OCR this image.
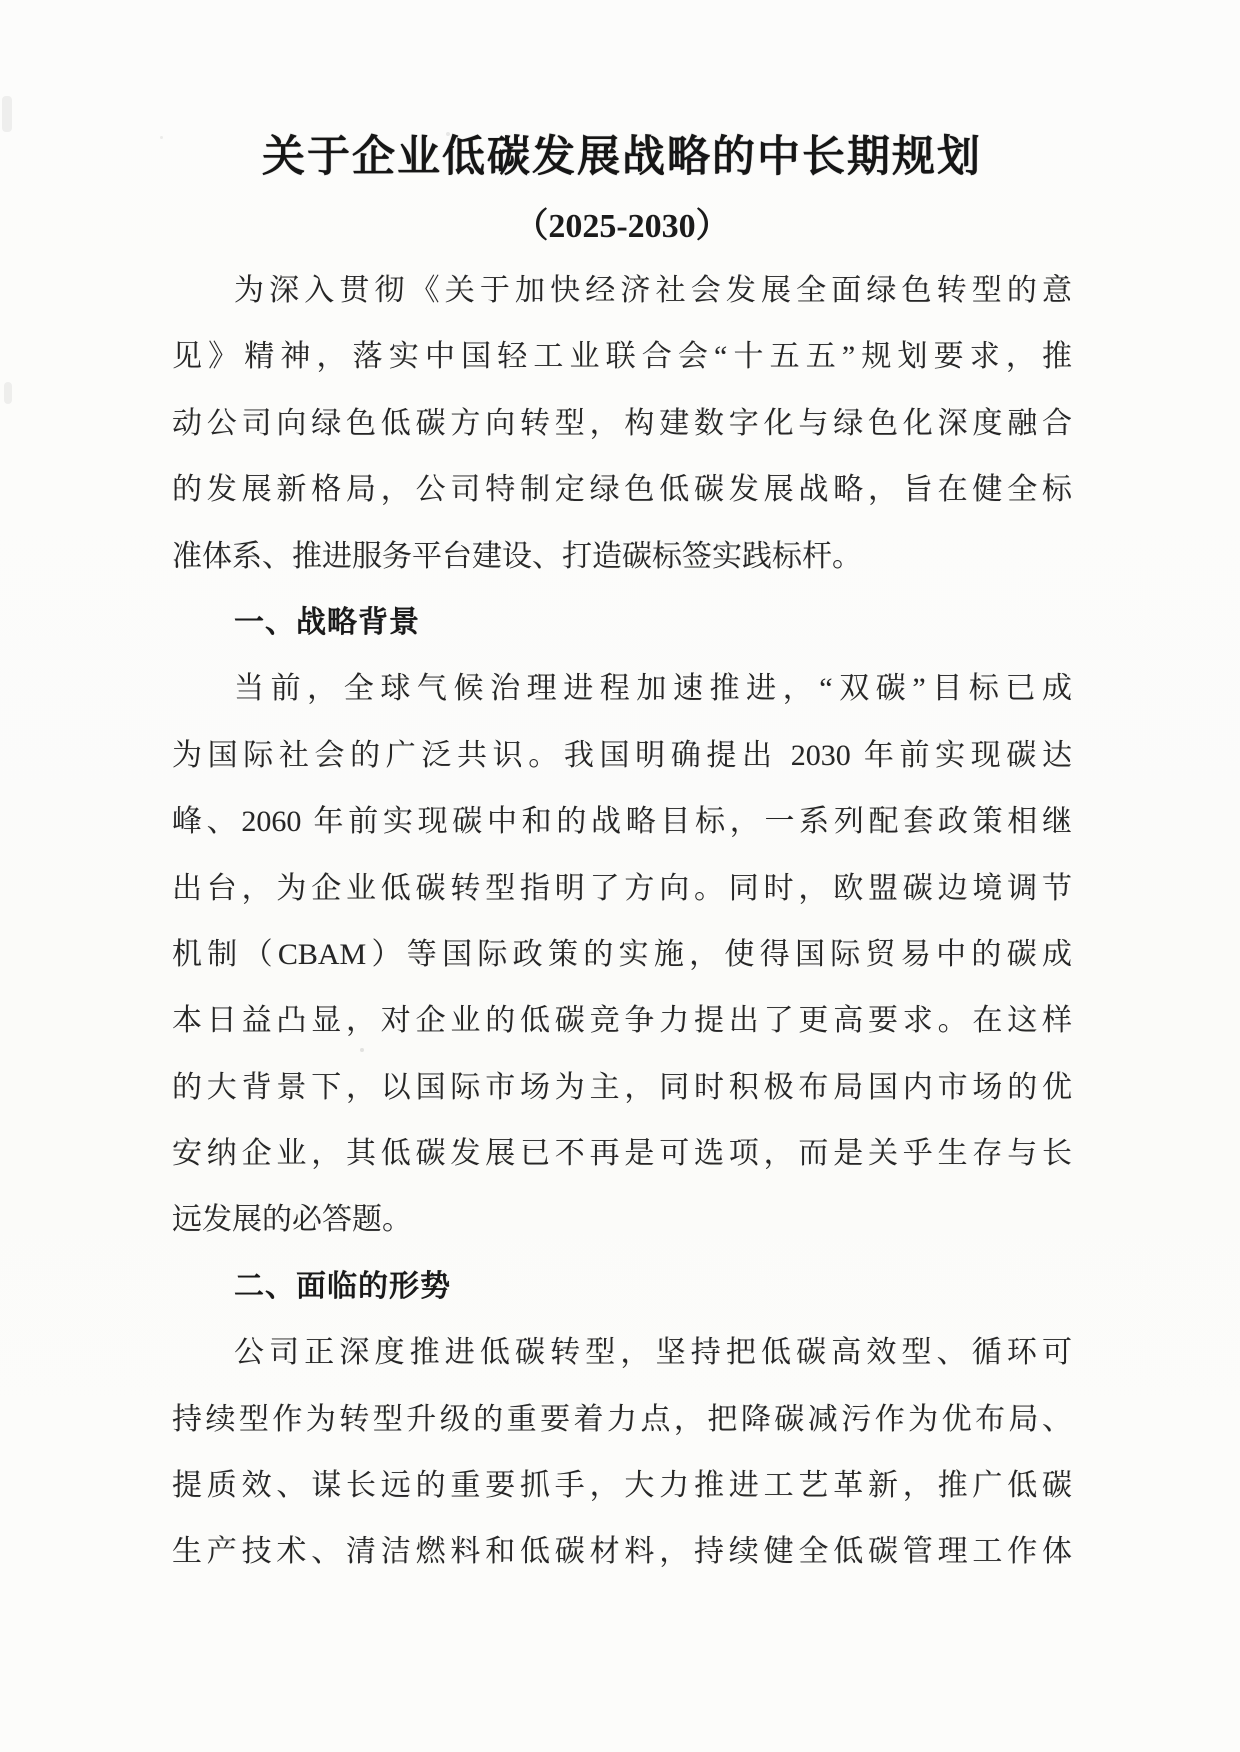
关于企业低碳发展战略的中长期规划
（2025-2030）
为深入贯彻《关于加快经济社会发展全面绿色转型的意
见》精神，落实中国轻工业联合会“十五五”规划要求，推
动公司向绿色低碳方向转型，构建数字化与绿色化深度融合
的发展新格局，公司特制定绿色低碳发展战略，旨在健全标
准体系、推进服务平台建设、打造碳标签实践标杆。
一、战略背景
当前，全球气候治理进程加速推进，“双碳”目标已成
为国际社会的广泛共识。我国明确提出 2030 年前实现碳达
峰、2060 年前实现碳中和的战略目标，一系列配套政策相继
出台，为企业低碳转型指明了方向。同时，欧盟碳边境调节
机制（CBAM）等国际政策的实施，使得国际贸易中的碳成
本日益凸显，对企业的低碳竞争力提出了更高要求。在这样
的大背景下，以国际市场为主，同时积极布局国内市场的优
安纳企业，其低碳发展已不再是可选项，而是关乎生存与长
远发展的必答题。
二、面临的形势
公司正深度推进低碳转型，坚持把低碳高效型、循环可
持续型作为转型升级的重要着力点，把降碳减污作为优布局、
提质效、谋长远的重要抓手，大力推进工艺革新，推广低碳
生产技术、清洁燃料和低碳材料，持续健全低碳管理工作体
